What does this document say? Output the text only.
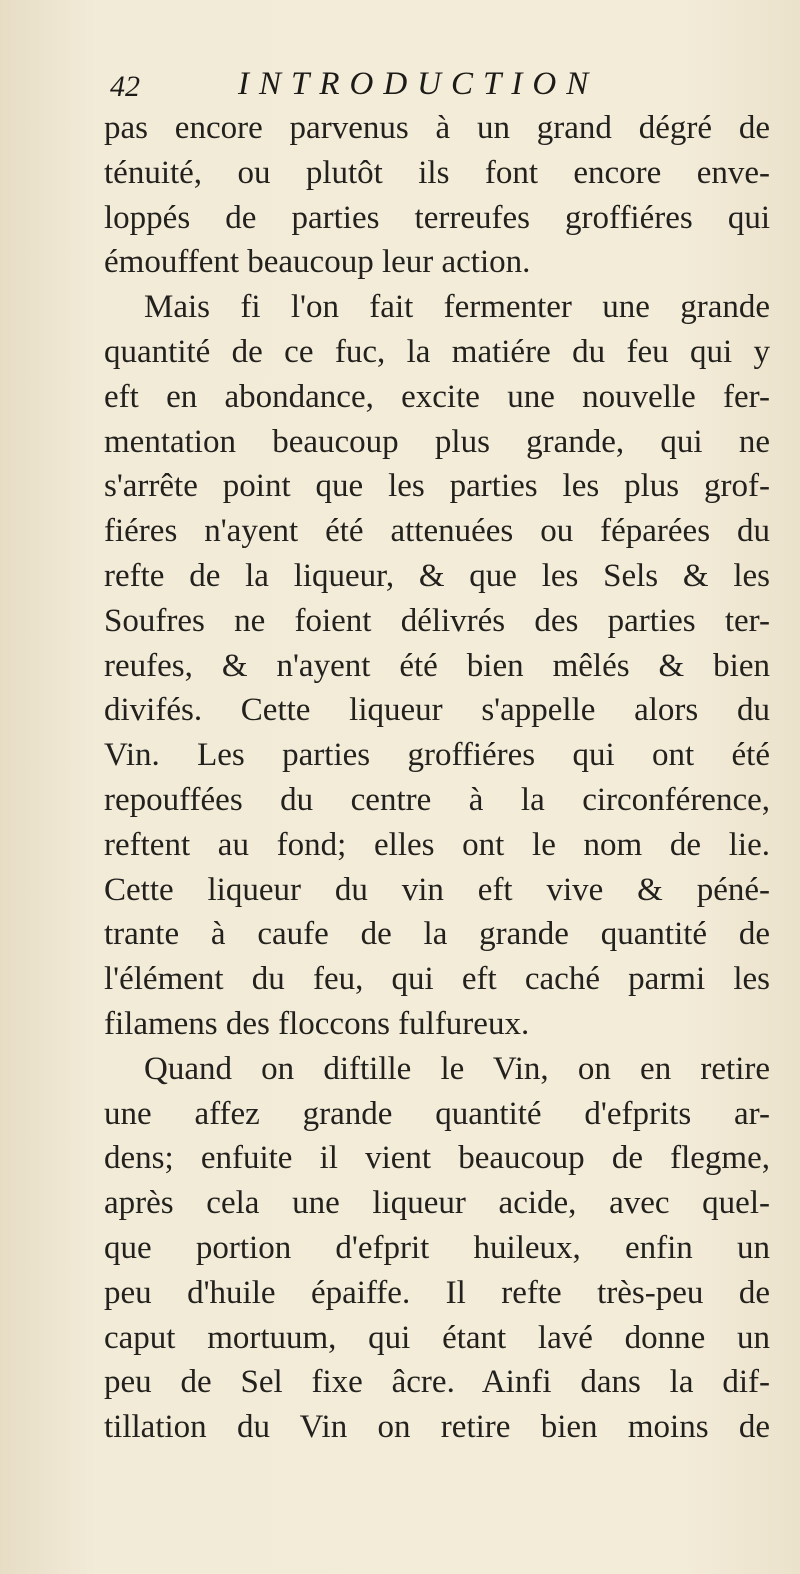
42	INTRODUCTION
pas encore parvenus à un grand dégré de
ténuité, ou plutôt ils font encore enve-
loppés de parties terreufes groffiéres qui
émouffent beaucoup leur action.
Mais fi l'on fait fermenter une grande
quantité de ce fuc, la matiére du feu qui y
eft en abondance, excite une nouvelle fer-
mentation beaucoup plus grande, qui ne
s'arrête point que les parties les plus grof-
fiéres n'ayent été attenuées ou féparées du
refte de la liqueur, & que les Sels & les
Soufres ne foient délivrés des parties ter-
reufes, & n'ayent été bien mêlés & bien
divifés. Cette liqueur s'appelle alors du
Vin. Les parties groffiéres qui ont été
repouffées du centre à la circonférence,
reftent au fond; elles ont le nom de lie.
Cette liqueur du vin eft vive & péné-
trante à caufe de la grande quantité de
l'élément du feu, qui eft caché parmi les
filamens des floccons fulfureux.
Quand on diftille le Vin, on en retire
une affez grande quantité d'efprits ar-
dens; enfuite il vient beaucoup de flegme,
après cela une liqueur acide, avec quel-
que portion d'efprit huileux, enfin un
peu d'huile épaiffe. Il refte très-peu de
caput mortuum, qui étant lavé donne un
peu de Sel fixe âcre. Ainfi dans la dif-
tillation du Vin on retire bien moins de
